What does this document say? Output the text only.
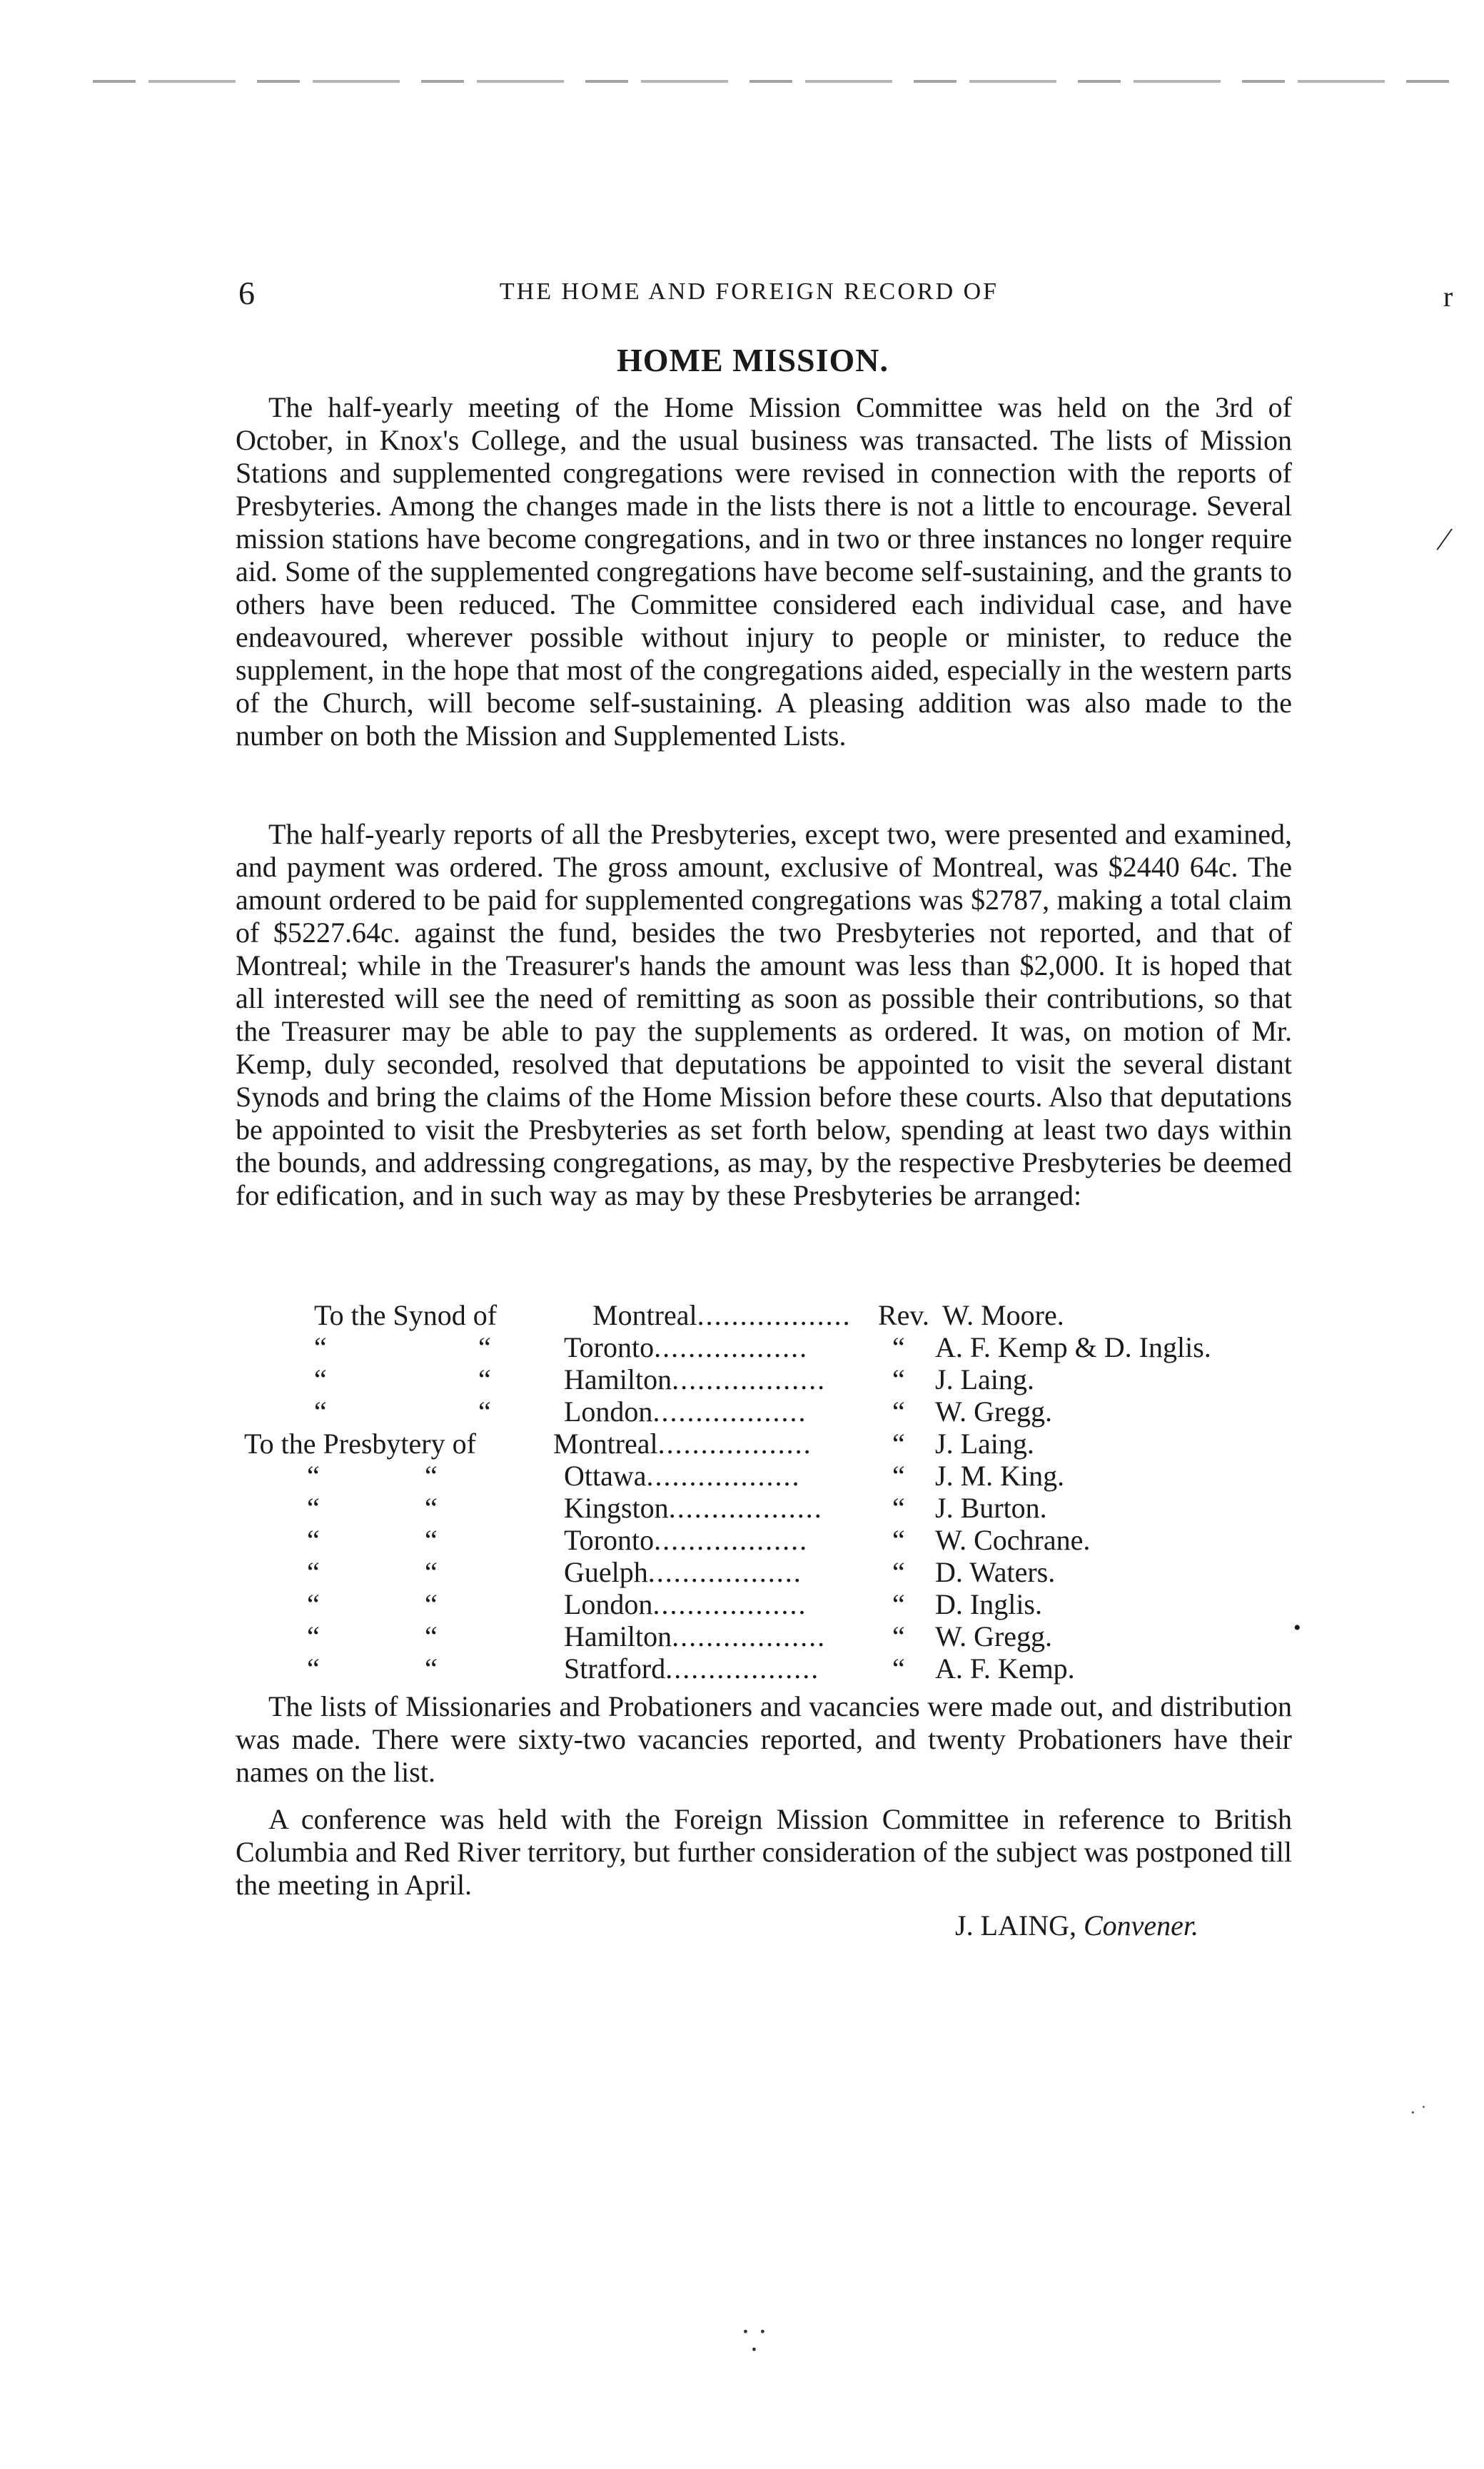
6	THE HOME AND FOREIGN RECORD OF	r
⁄
•
HOME MISSION.

The half-yearly meeting of the Home Mission Committee was held on the 3rd of October, in Knox's College, and the usual business was transacted. The lists of Mission Stations and supplemented congregations were revised in connection with the reports of Presbyteries. Among the changes made in the lists there is not a little to encourage. Several mission stations have become congregations, and in two or three instances no longer require aid. Some of the supplemented congregations have become self-sustaining, and the grants to others have been reduced. The Committee considered each individual case, and have endeavoured, wherever possible without injury to people or minister, to reduce the supplement, in the hope that most of the congregations aided, especially in the western parts of the Church, will become self-sustaining. A pleasing addition was also made to the number on both the Mission and Supplemented Lists.

The half-yearly reports of all the Presbyteries, except two, were presented and examined, and payment was ordered. The gross amount, exclusive of Montreal, was $2440 64c. The amount ordered to be paid for supplemented congregations was $2787, making a total claim of $5227.64c. against the fund, besides the two Presbyteries not reported, and that of Montreal; while in the Treasurer's hands the amount was less than $2,000. It is hoped that all interested will see the need of remitting as soon as possible their contributions, so that the Treasurer may be able to pay the supplements as ordered. It was, on motion of Mr. Kemp, duly seconded, resolved that deputations be appointed to visit the several distant Synods and bring the claims of the Home Mission before these courts. Also that deputations be appointed to visit the Presbyteries as set forth below, spending at least two days within the bounds, and addressing congregations, as may, by the respective Presbyteries be deemed for edification, and in such way as may by these Presbyteries be arranged:

To the Synod of	Montreal.................. Rev. W. Moore.
“	“	Toronto..................	“ A. F. Kemp & D. Inglis.
“	“	Hamilton..................	“ J. Laing.
“	“	London..................	“ W. Gregg.
To the Presbytery of	Montreal..................	“ J. Laing.
“	“	Ottawa..................	“ J. M. King.
“	“	Kingston..................	“ J. Burton.
“	“	Toronto..................	“ W. Cochrane.
“	“	Guelph..................	“ D. Waters.
“	“	London..................	“ D. Inglis.
“	“	Hamilton..................	“ W. Gregg.
“	“	Stratford..................	“ A. F. Kemp.

The lists of Missionaries and Probationers and vacancies were made out, and distribution was made. There were sixty-two vacancies reported, and twenty Probationers have their names on the list.

A conference was held with the Foreign Mission Committee in reference to British Columbia and Red River territory, but further consideration of the subject was postponed till the meeting in April.

J. LAING, Convener.
· ˙
⸪
